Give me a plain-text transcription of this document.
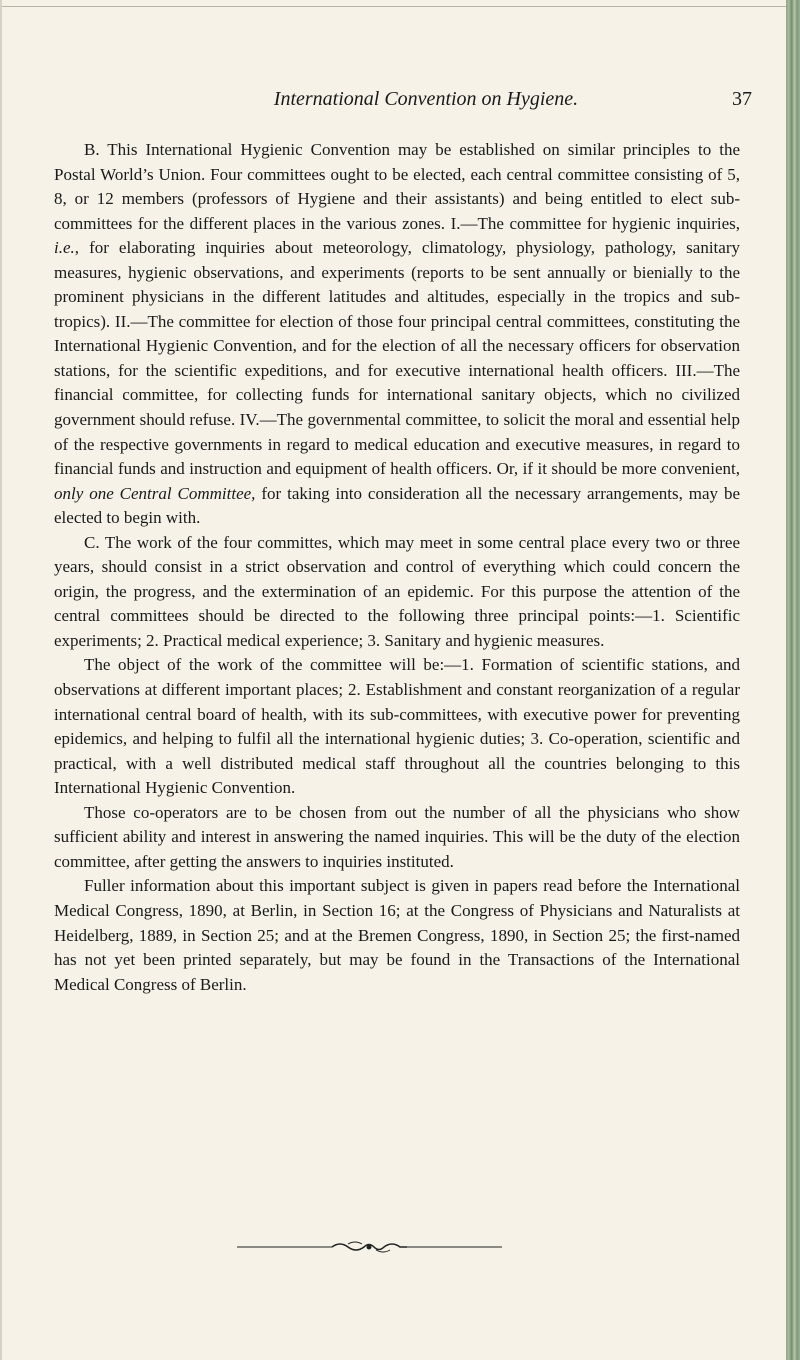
International Convention on Hygiene.	37

B. This International Hygienic Convention may be established on similar principles to the Postal World’s Union. Four committees ought to be elected, each central committee consisting of 5, 8, or 12 members (professors of Hygiene and their assistants) and being entitled to elect sub-committees for the different places in the various zones. I.—The committee for hygienic inquiries, i.e., for elaborating inquiries about meteorology, climatology, physiology, pathology, sanitary measures, hygienic observations, and experiments (reports to be sent annually or bienially to the prominent physicians in the different latitudes and altitudes, especially in the tropics and sub-tropics). II.—The committee for election of those four principal central committees, constituting the International Hygienic Convention, and for the election of all the necessary officers for observation stations, for the scientific expeditions, and for executive international health officers. III.—The financial committee, for collecting funds for international sanitary objects, which no civilized government should refuse. IV.—The governmental committee, to solicit the moral and essential help of the respective governments in regard to medical education and executive measures, in regard to financial funds and instruction and equipment of health officers. Or, if it should be more convenient, only one Central Committee, for taking into consideration all the necessary arrangements, may be elected to begin with.

C. The work of the four committes, which may meet in some central place every two or three years, should consist in a strict observation and control of everything which could concern the origin, the progress, and the extermination of an epidemic. For this purpose the attention of the central committees should be directed to the following three principal points:—1. Scientific experiments; 2. Practical medical experience; 3. Sanitary and hygienic measures.

The object of the work of the committee will be:—1. Formation of scientific stations, and observations at different important places; 2. Establishment and constant reorganization of a regular international central board of health, with its sub-committees, with executive power for preventing epidemics, and helping to fulfil all the international hygienic duties; 3. Co-operation, scientific and practical, with a well distributed medical staff throughout all the countries belonging to this International Hygienic Convention.

Those co-operators are to be chosen from out the number of all the physicians who show sufficient ability and interest in answering the named inquiries. This will be the duty of the election committee, after getting the answers to inquiries instituted.

Fuller information about this important subject is given in papers read before the International Medical Congress, 1890, at Berlin, in Section 16; at the Congress of Physicians and Naturalists at Heidelberg, 1889, in Section 25; and at the Bremen Congress, 1890, in Section 25; the first-named has not yet been printed separately, but may be found in the Transactions of the International Medical Congress of Berlin.
